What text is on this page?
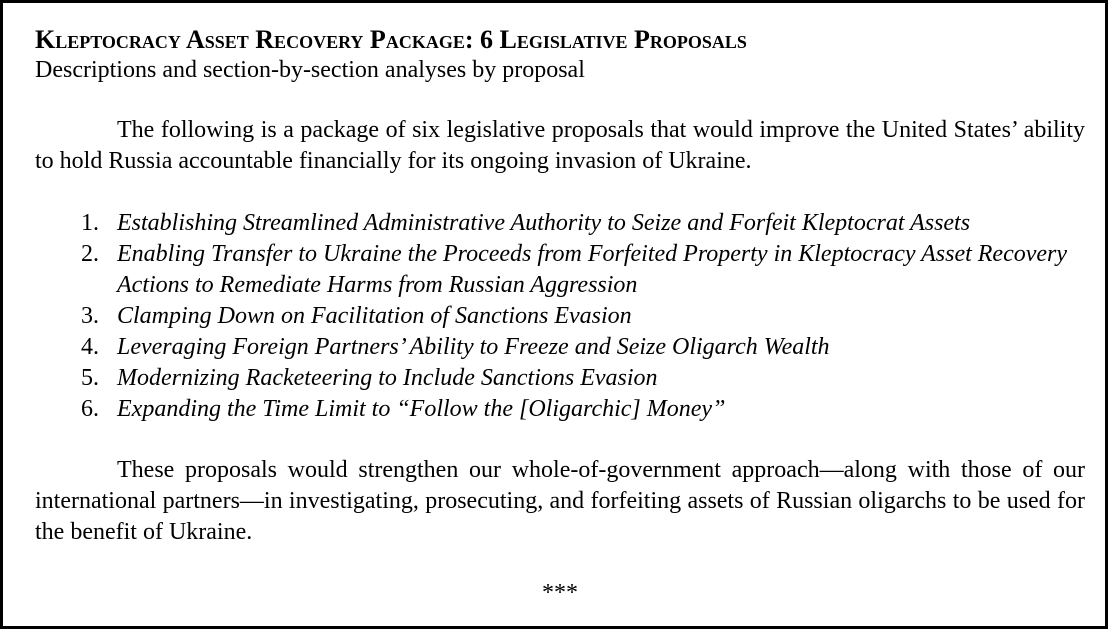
Kleptocracy Asset Recovery Package: 6 Legislative Proposals

Descriptions and section-by-section analyses by proposal

The following is a package of six legislative proposals that would improve the United States’ ability to hold Russia accountable financially for its ongoing invasion of Ukraine.

1. Establishing Streamlined Administrative Authority to Seize and Forfeit Kleptocrat Assets
2. Enabling Transfer to Ukraine the Proceeds from Forfeited Property in Kleptocracy Asset Recovery Actions to Remediate Harms from Russian Aggression
3. Clamping Down on Facilitation of Sanctions Evasion
4. Leveraging Foreign Partners’ Ability to Freeze and Seize Oligarch Wealth
5. Modernizing Racketeering to Include Sanctions Evasion
6. Expanding the Time Limit to “Follow the [Oligarchic] Money”

These proposals would strengthen our whole-of-government approach—along with those of our international partners—in investigating, prosecuting, and forfeiting assets of Russian oligarchs to be used for the benefit of Ukraine.

***
